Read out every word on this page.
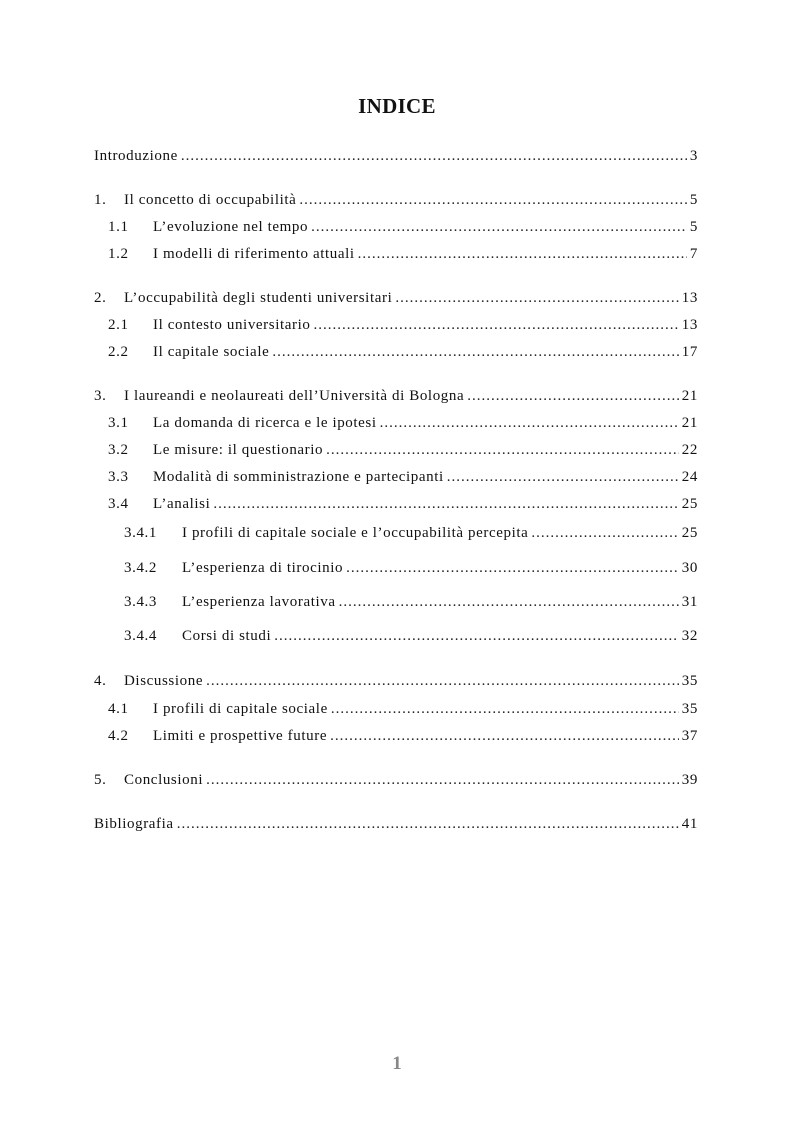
INDICE
Introduzione .....	3
1.	Il concetto di occupabilità .....	5
1.1	L’evoluzione nel tempo .....	5
1.2	I modelli di riferimento attuali .....	7
2.	L’occupabilità degli studenti universitari .....	13
2.1	Il contesto universitario .....	13
2.2	Il capitale sociale .....	17
3.	I laureandi e neolaureati dell’Università di Bologna .....	21
3.1	La domanda di ricerca e le ipotesi .....	21
3.2	Le misure: il questionario .....	22
3.3	Modalità di somministrazione e partecipanti .....	24
3.4	L’analisi .....	25
3.4.1	I profili di capitale sociale e l’occupabilità percepita .....	25
3.4.2	L’esperienza di tirocinio .....	30
3.4.3	L’esperienza lavorativa .....	31
3.4.4	Corsi di studi .....	32
4.	Discussione .....	35
4.1	I profili di capitale sociale .....	35
4.2	Limiti e prospettive future .....	37
5.	Conclusioni .....	39
Bibliografia .....	41
1
